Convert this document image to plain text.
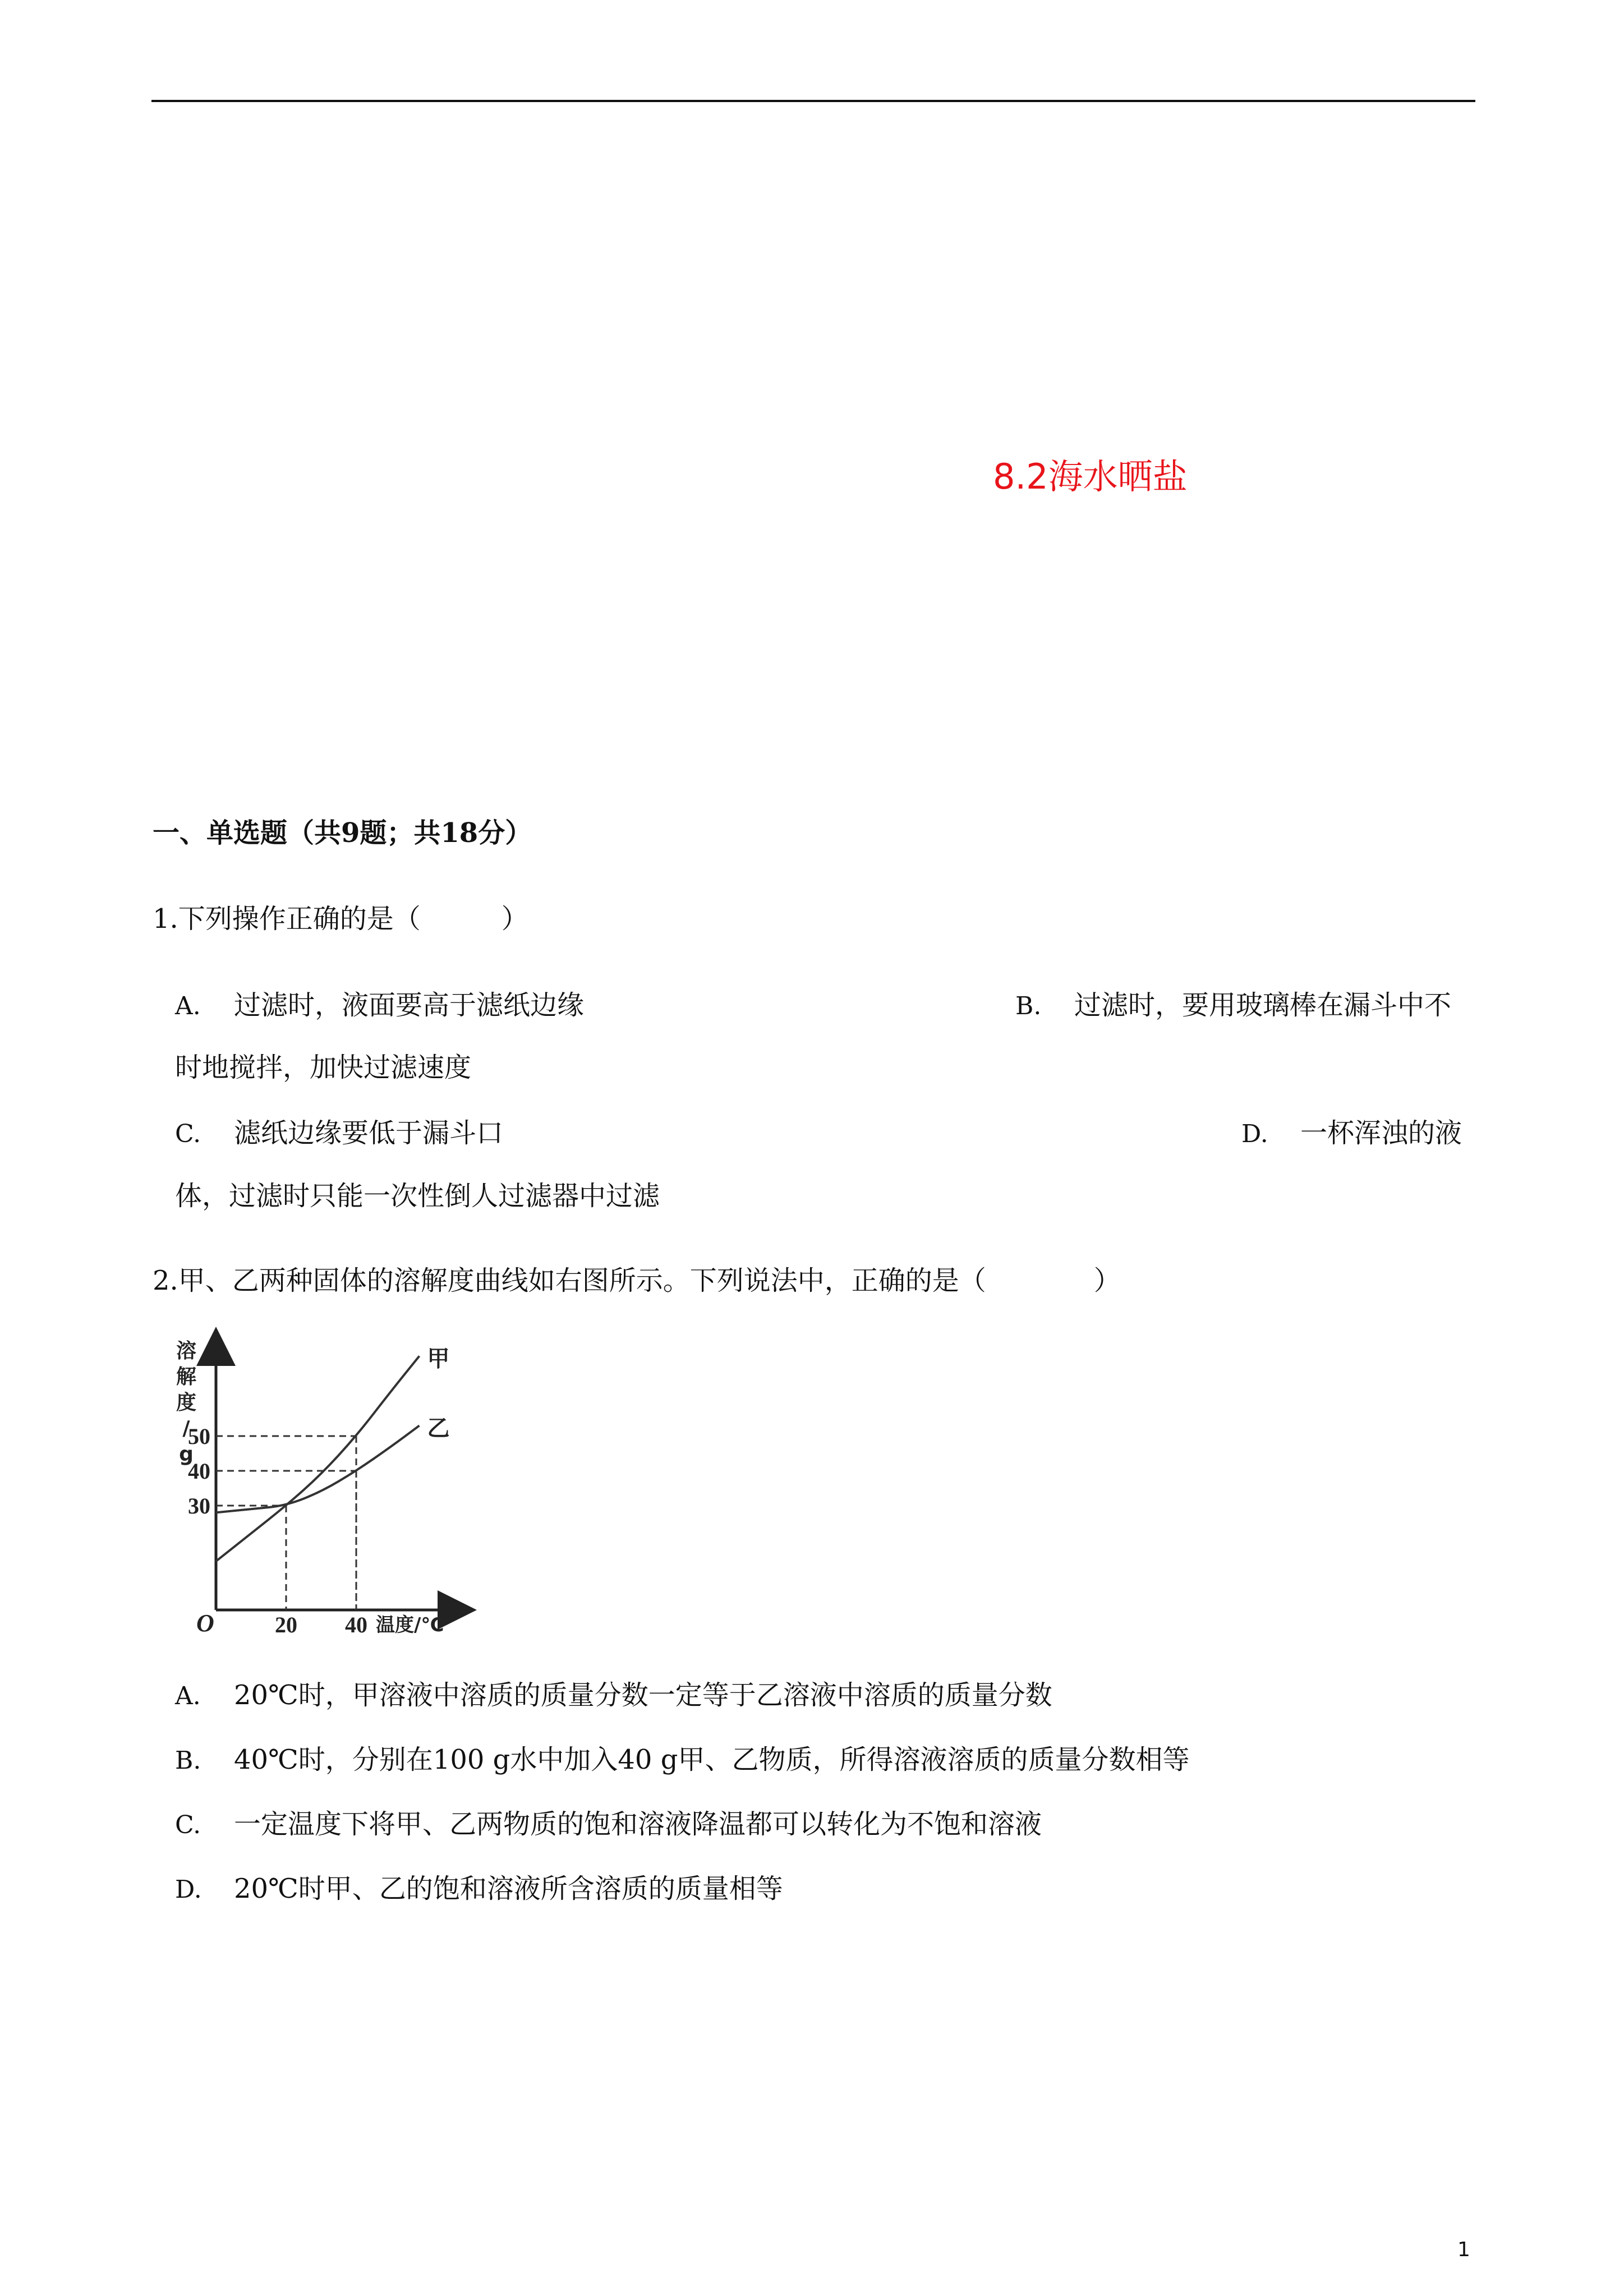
8.2海水晒盐
一、单选题（共9题；共18分）
1.下列操作正确的是（　　　）
A. 过滤时，液面要高于滤纸边缘	B. 过滤时，要用玻璃棒在漏斗中不
时地搅拌，加快过滤速度
C. 滤纸边缘要低于漏斗口	D. 一杯浑浊的液
体，过滤时只能一次性倒人过滤器中过滤
2.甲、乙两种固体的溶解度曲线如右图所示。下列说法中，正确的是（　　　　）
溶
解
度
/
g
甲
乙
50
40
30
20 40
O	温度/℃
A. 20℃时，甲溶液中溶质的质量分数一定等于乙溶液中溶质的质量分数
B. 40℃时，分别在100 g水中加入40 g甲、乙物质，所得溶液溶质的质量分数相等
C. 一定温度下将甲、乙两物质的饱和溶液降温都可以转化为不饱和溶液
D. 20℃时甲、乙的饱和溶液所含溶质的质量相等
1
